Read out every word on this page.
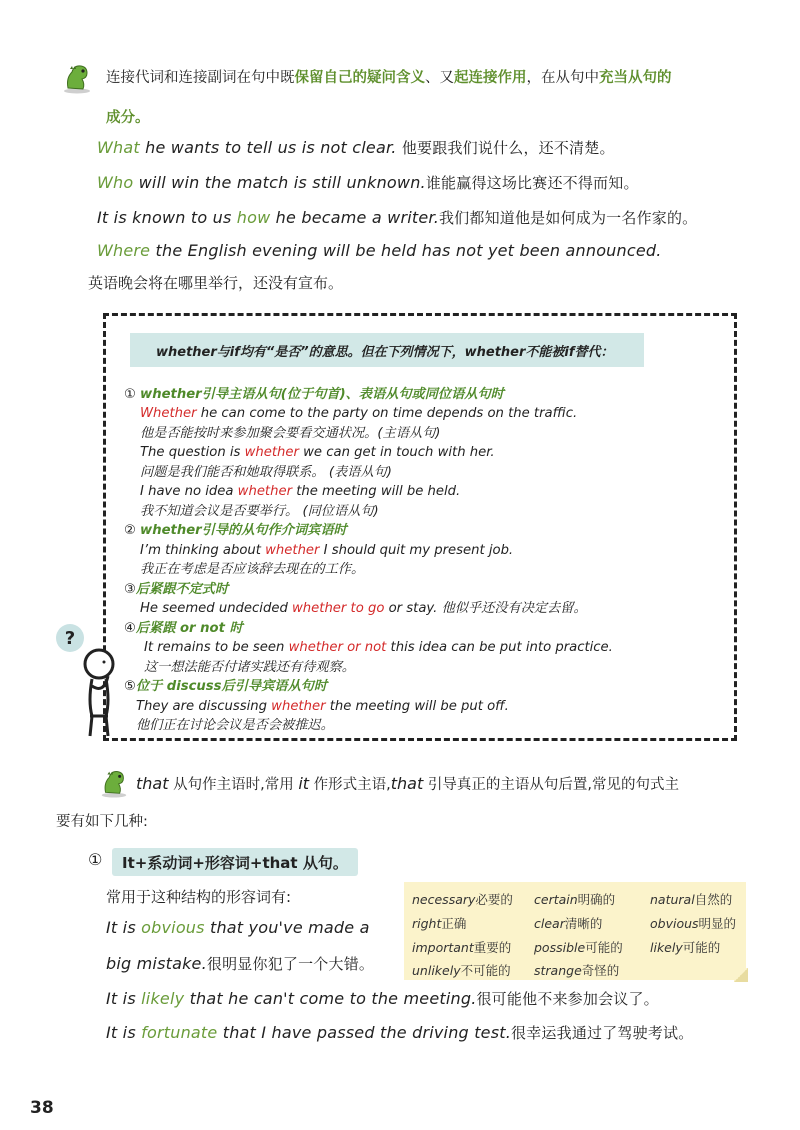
连接代词和连接副词在句中既保留自己的疑问含义、又起连接作用，在从句中充当从句的
成分。
What he wants to tell us is not clear. 他要跟我们说什么，还不清楚。
Who will win the match is still unknown.谁能赢得这场比赛还不得而知。
It is known to us how he became a writer.我们都知道他是如何成为一名作家的。
Where the English evening will be held has not yet been announced.
英语晚会将在哪里举行，还没有宣布。
whether与if均有“是否”的意思。但在下列情况下，whether不能被if替代：
① whether引导主语从句(位于句首)、表语从句或同位语从句时
Whether he can come to the party on time depends on the traffic.
他是否能按时来参加聚会要看交通状况。(主语从句)
The question is whether we can get in touch with her.
问题是我们能否和她取得联系。 (表语从句)
I have no idea whether the meeting will be held.
我不知道会议是否要举行。 (同位语从句)
② whether引导的从句作介词宾语时
I’m thinking about whether I should quit my present job.
我正在考虑是否应该辞去现在的工作。
③后紧跟不定式时
He seemed undecided whether to go or stay. 他似乎还没有决定去留。
④后紧跟 or not 时
It remains to be seen whether or not this idea can be put into practice.
这一想法能否付诸实践还有待观察。
⑤位于 discuss后引导宾语从句时
They are discussing whether the meeting will be put off.
他们正在讨论会议是否会被推迟。
?
that 从句作主语时,常用 it 作形式主语,that 引导真正的主语从句后置,常见的句式主
要有如下几种:
①	It+系动词+形容词+that 从句。
常用于这种结构的形容词有:
It is obvious that you've made a
big mistake.很明显你犯了一个大错。
necessary必要的 certain明确的	natural自然的
right正确	clear清晰的	obvious明显的
important重要的 possible可能的 likely可能的
unlikely不可能的 strange奇怪的
It is likely that he can't come to the meeting.很可能他不来参加会议了。
It is fortunate that I have passed the driving test.很幸运我通过了驾驶考试。
38
